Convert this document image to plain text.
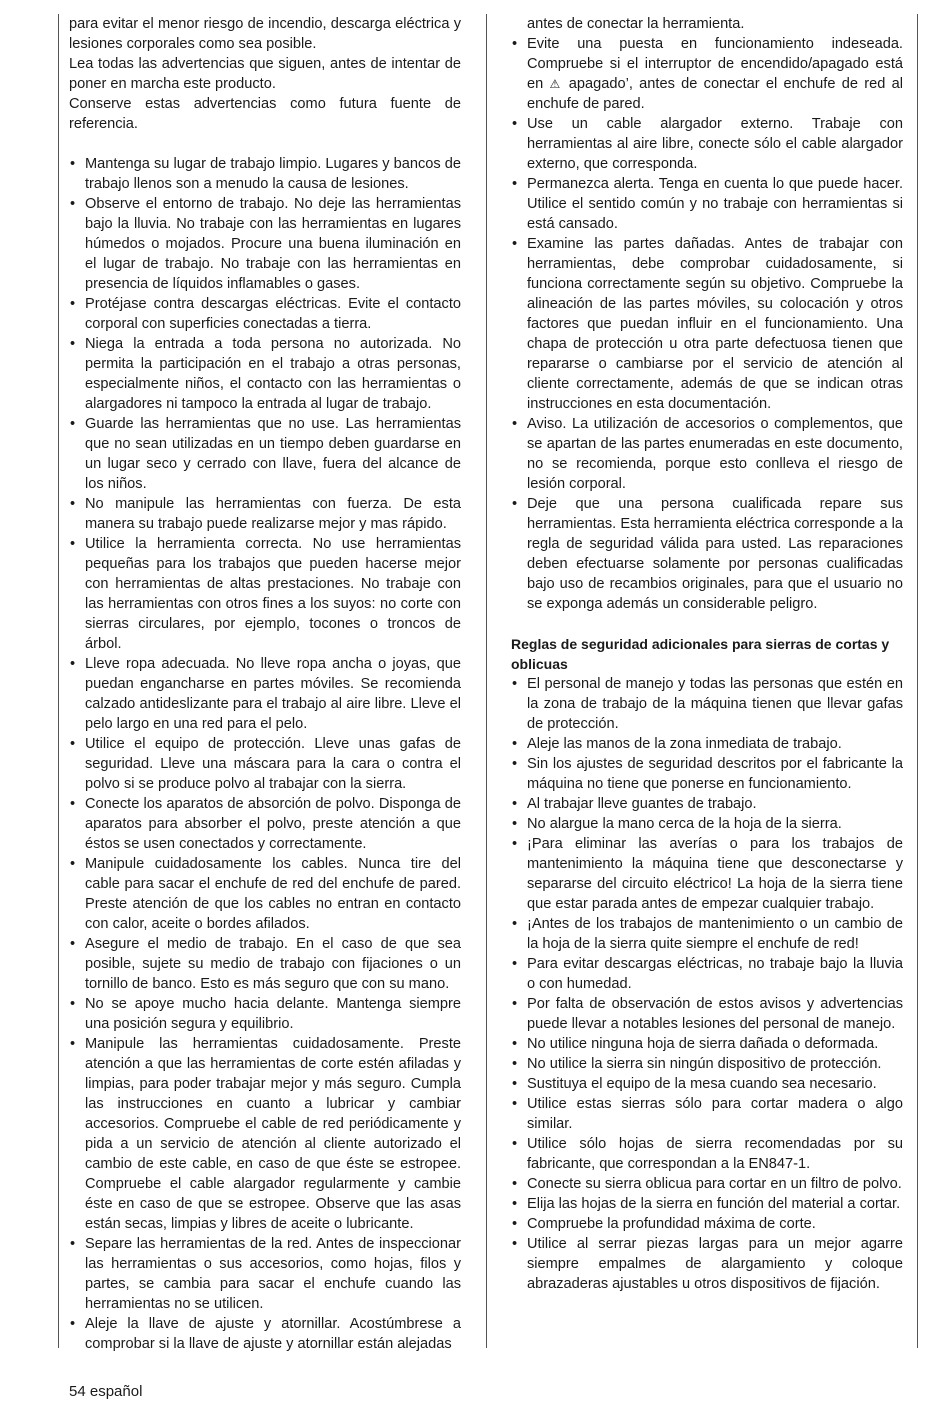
para evitar el menor riesgo de incendio, descarga eléctrica y lesiones corporales como sea posible.

Lea todas las advertencias que siguen, antes de intentar de poner en marcha este producto.

Conserve estas advertencias como futura fuente de referencia.

• Mantenga su lugar de trabajo limpio. Lugares y bancos de trabajo llenos son a menudo la causa de lesiones.
• Observe el entorno de trabajo. No deje las herramientas bajo la lluvia. No trabaje con las herramientas en lugares húmedos o mojados. Procure una buena iluminación en el lugar de trabajo. No trabaje con las herramientas en presencia de líquidos inflamables o gases.
• Protéjase contra descargas eléctricas. Evite el contacto corporal con superficies conectadas a tierra.
• Niega la entrada a toda persona no autorizada. No permita la participación en el trabajo a otras personas, especialmente niños, el contacto con las herramientas o alargadores ni tampoco la entrada al lugar de trabajo.
• Guarde las herramientas que no use. Las herramientas que no sean utilizadas en un tiempo deben guardarse en un lugar seco y cerrado con llave, fuera del alcance de los niños.
• No manipule las herramientas con fuerza. De esta manera su trabajo puede realizarse mejor y mas rápido.
• Utilice la herramienta correcta. No use herramientas pequeñas para los trabajos que pueden hacerse mejor con herramientas de altas prestaciones. No trabaje con las herramientas con otros fines a los suyos: no corte con sierras circulares, por ejemplo, tocones o troncos de árbol.
• Lleve ropa adecuada. No lleve ropa ancha o joyas, que puedan engancharse en partes móviles. Se recomienda calzado antideslizante para el trabajo al aire libre. Lleve el pelo largo en una red para el pelo.
• Utilice el equipo de protección. Lleve unas gafas de seguridad. Lleve una máscara para la cara o contra el polvo si se produce polvo al trabajar con la sierra.
• Conecte los aparatos de absorción de polvo. Disponga de aparatos para absorber el polvo, preste atención a que éstos se usen conectados y correctamente.
• Manipule cuidadosamente los cables. Nunca tire del cable para sacar el enchufe de red del enchufe de pared. Preste atención de que los cables no entran en contacto con calor, aceite o bordes afilados.
• Asegure el medio de trabajo. En el caso de que sea posible, sujete su medio de trabajo con fijaciones o un tornillo de banco. Esto es más seguro que con su mano.
• No se apoye mucho hacia delante. Mantenga siempre una posición segura y equilibrio.
• Manipule las herramientas cuidadosamente. Preste atención a que las herramientas de corte estén afiladas y limpias, para poder trabajar mejor y más seguro. Cumpla las instrucciones en cuanto a lubricar y cambiar accesorios. Compruebe el cable de red periódicamente y pida a un servicio de atención al cliente autorizado el cambio de este cable, en caso de que éste se estropee. Compruebe el cable alargador regularmente y cambie éste en caso de que se estropee. Observe que las asas están secas, limpias y libres de aceite o lubricante.
• Separe las herramientas de la red. Antes de inspeccionar las herramientas o sus accesorios, como hojas, filos y partes, se cambia para sacar el enchufe cuando las herramientas no se utilicen.
• Aleje la llave de ajuste y atornillar. Acostúmbrese a comprobar si la llave de ajuste y atornillar están alejadas

antes de conectar la herramienta.

• Evite una puesta en funcionamiento indeseada. Compruebe si el interruptor de encendido/apagado está en ⚠ apagado’, antes de conectar el enchufe de red al enchufe de pared.
• Use un cable alargador externo. Trabaje con herramientas al aire libre, conecte sólo el cable alargador externo, que corresponda.
• Permanezca alerta. Tenga en cuenta lo que puede hacer. Utilice el sentido común y no trabaje con herramientas si está cansado.
• Examine las partes dañadas. Antes de trabajar con herramientas, debe comprobar cuidadosamente, si funciona correctamente según su objetivo. Compruebe la alineación de las partes móviles, su colocación y otros factores que puedan influir en el funcionamiento. Una chapa de protección u otra parte defectuosa tienen que repararse o cambiarse por el servicio de atención al cliente correctamente, además de que se indican otras instrucciones en esta documentación.
• Aviso. La utilización de accesorios o complementos, que se apartan de las partes enumeradas en este documento, no se recomienda, porque esto conlleva el riesgo de lesión corporal.
• Deje que una persona cualificada repare sus herramientas. Esta herramienta eléctrica corresponde a la regla de seguridad válida para usted. Las reparaciones deben efectuarse solamente por personas cualificadas bajo uso de recambios originales, para que el usuario no se exponga además un considerable peligro.

Reglas de seguridad adicionales para sierras de cortas y oblicuas

• El personal de manejo y todas las personas que estén en la zona de trabajo de la máquina tienen que llevar gafas de protección.
• Aleje las manos de la zona inmediata de trabajo.
• Sin los ajustes de seguridad descritos por el fabricante la máquina no tiene que ponerse en funcionamiento.
• Al trabajar lleve guantes de trabajo.
• No alargue la mano cerca de la hoja de la sierra.
• ¡Para eliminar las averías o para los trabajos de mantenimiento la máquina tiene que desconectarse y separarse del circuito eléctrico! La hoja de la sierra tiene que estar parada antes de empezar cualquier trabajo.
• ¡Antes de los trabajos de mantenimiento o un cambio de la hoja de la sierra quite siempre el enchufe de red!
• Para evitar descargas eléctricas, no trabaje bajo la lluvia o con humedad.
• Por falta de observación de estos avisos y advertencias puede llevar a notables lesiones del personal de manejo.
• No utilice ninguna hoja de sierra dañada o deformada.
• No utilice la sierra sin ningún dispositivo de protección.
• Sustituya el equipo de la mesa cuando sea necesario.
• Utilice estas sierras sólo para cortar madera o algo similar.
• Utilice sólo hojas de sierra recomendadas por su fabricante, que correspondan a la EN847-1.
• Conecte su sierra oblicua para cortar en un filtro de polvo.
• Elija las hojas de la sierra en función del material a cortar.
• Compruebe la profundidad máxima de corte.
• Utilice al serrar piezas largas para un mejor agarre siempre empalmes de alargamiento y coloque abrazaderas ajustables u otros dispositivos de fijación.
54 español
